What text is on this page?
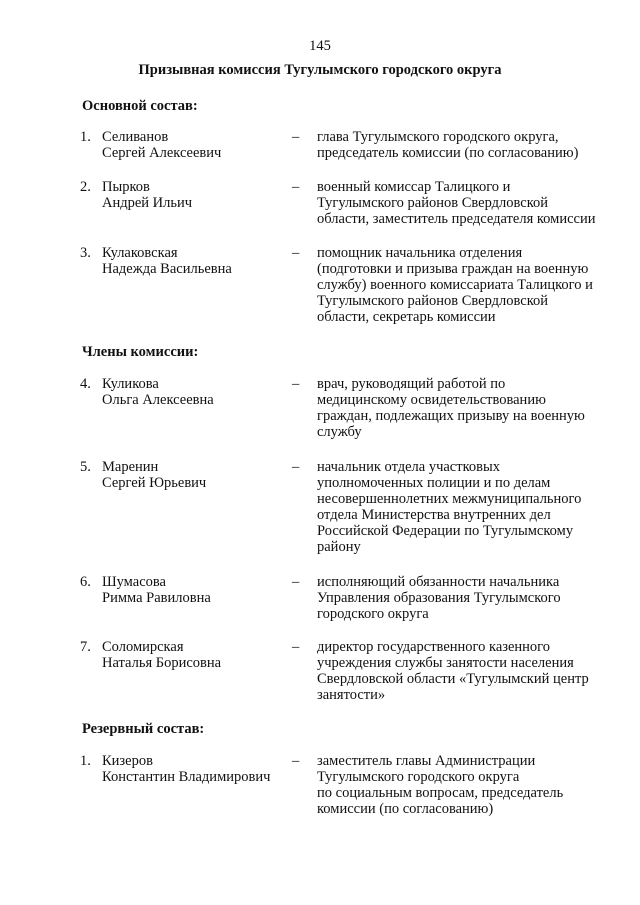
145
Призывная комиссия Тугулымского городского округа
Основной состав:
1. Селиванов
Сергей Алексеевич
–	глава Тугулымского городского округа,
председатель комиссии (по согласованию)
2. Пырков
Андрей Ильич
–	военный комиссар Талицкого и
Тугулымского районов Свердловской
области, заместитель председателя комиссии
3. Кулаковская
Надежда Васильевна
–	помощник начальника отделения
(подготовки и призыва граждан на военную
службу) военного комиссариата Талицкого и
Тугулымского районов Свердловской
области, секретарь комиссии
Члены комиссии:
4. Куликова
Ольга Алексеевна
–	врач, руководящий работой по
медицинскому освидетельствованию
граждан, подлежащих призыву на военную
службу
5. Маренин
Сергей Юрьевич
–	начальник отдела участковых
уполномоченных полиции и по делам
несовершеннолетних межмуниципального
отдела Министерства внутренних дел
Российской Федерации по Тугулымскому
району
6. Шумасова
Римма Равиловна
–	исполняющий обязанности начальника
Управления образования Тугулымского
городского округа
7. Соломирская
Наталья Борисовна
–	директор государственного казенного
учреждения службы занятости населения
Свердловской области «Тугулымский центр
занятости»
Резервный состав:
1. Кизеров
Константин Владимирович
–	заместитель главы Администрации
Тугулымского городского округа
по социальным вопросам, председатель
комиссии (по согласованию)
